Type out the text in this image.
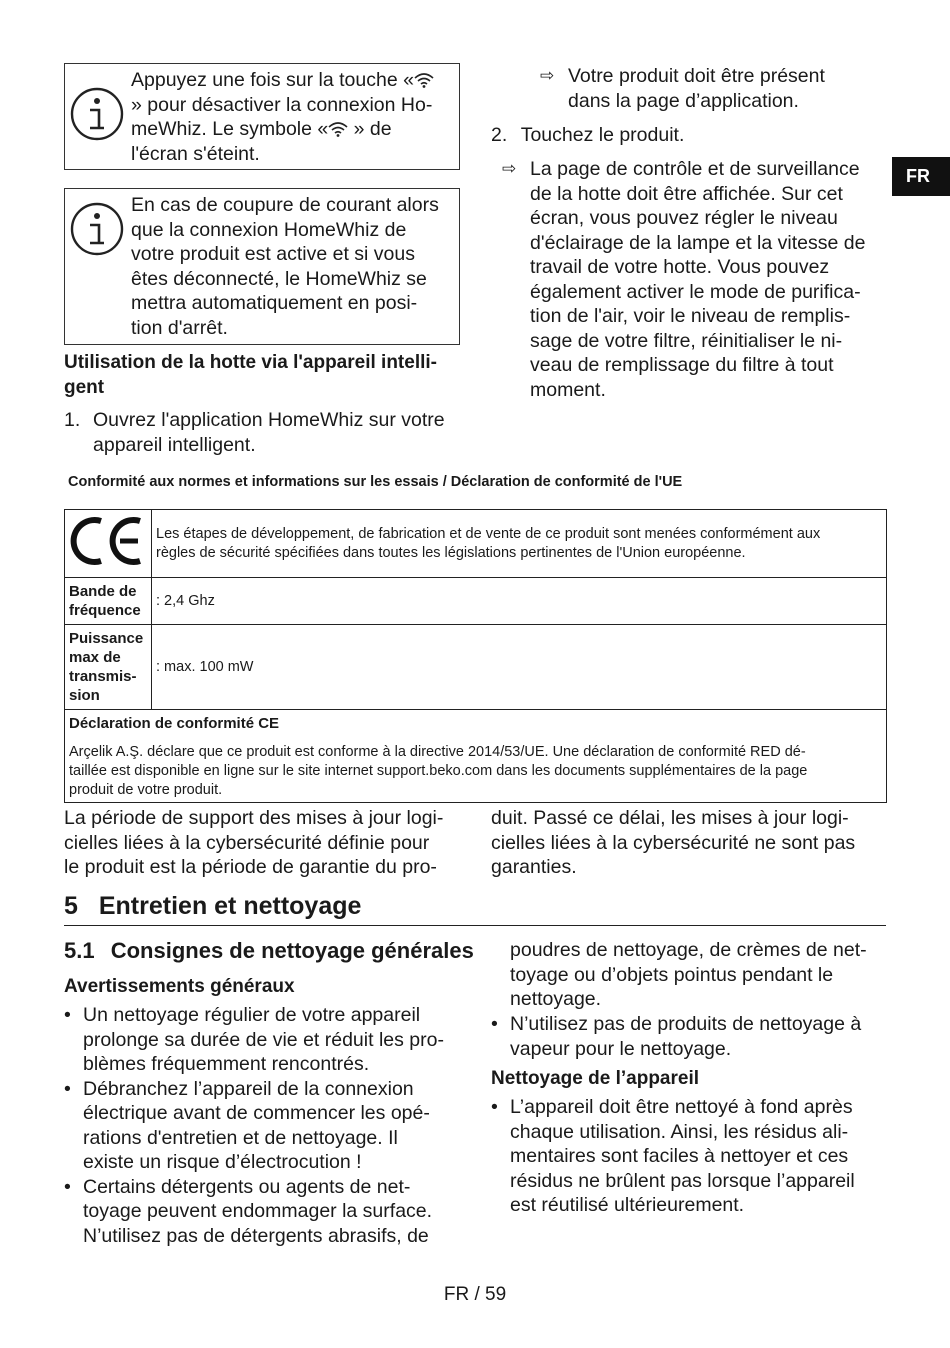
FR
Appuyez une fois sur la touche «
» pour désactiver la connexion Ho-
meWhiz. Le symbole « » de
l'écran s'éteint.
En cas de coupure de courant alors
que la connexion HomeWhiz de
votre produit est active et si vous
êtes déconnecté, le HomeWhiz se
mettra automatiquement en posi-
tion d'arrêt.
Utilisation de la hotte via l'appareil intelli-
gent
1. Ouvrez l'application HomeWhiz sur votre
appareil intelligent.
⇨ Votre produit doit être présent
dans la page d’application.
2. Touchez le produit.
⇨ La page de contrôle et de surveillance
de la hotte doit être affichée. Sur cet
écran, vous pouvez régler le niveau
d'éclairage de la lampe et la vitesse de
travail de votre hotte. Vous pouvez
également activer le mode de purifica-
tion de l'air, voir le niveau de remplis-
sage de votre filtre, réinitialiser le ni-
veau de remplissage du filtre à tout
moment.
Conformité aux normes et informations sur les essais / Déclaration de conformité de l'UE

Les étapes de développement, de fabrication et de vente de ce produit sont menées conformément aux
règles de sécurité spécifiées dans toutes les législations pertinentes de l'Union européenne.

Bande de
fréquence	: 2,4 Ghz

Puissance
max de
transmis-
sion	: max. 100 mW

Déclaration de conformité CE
Arçelik A.Ş. déclare que ce produit est conforme à la directive 2014/53/UE. Une déclaration de conformité RED dé-
taillée est disponible en ligne sur le site internet support.beko.com dans les documents supplémentaires de la page
produit de votre produit.	
La période de support des mises à jour logi-
cielles liées à la cybersécurité définie pour
le produit est la période de garantie du pro-
duit. Passé ce délai, les mises à jour logi-
cielles liées à la cybersécurité ne sont pas
garanties.
5 Entretien et nettoyage
5.1 Consignes de nettoyage générales
Avertissements généraux
• Un nettoyage régulier de votre appareil
prolonge sa durée de vie et réduit les pro-
blèmes fréquemment rencontrés.
• Débranchez l’appareil de la connexion
électrique avant de commencer les opé-
rations d'entretien et de nettoyage. Il
existe un risque d’électrocution !
• Certains détergents ou agents de net-
toyage peuvent endommager la surface.
N’utilisez pas de détergents abrasifs, de
poudres de nettoyage, de crèmes de net-
toyage ou d’objets pointus pendant le
nettoyage.
• N’utilisez pas de produits de nettoyage à
vapeur pour le nettoyage.
Nettoyage de l’appareil
• L’appareil doit être nettoyé à fond après
chaque utilisation. Ainsi, les résidus ali-
mentaires sont faciles à nettoyer et ces
résidus ne brûlent pas lorsque l’appareil
est réutilisé ultérieurement.
FR / 59
